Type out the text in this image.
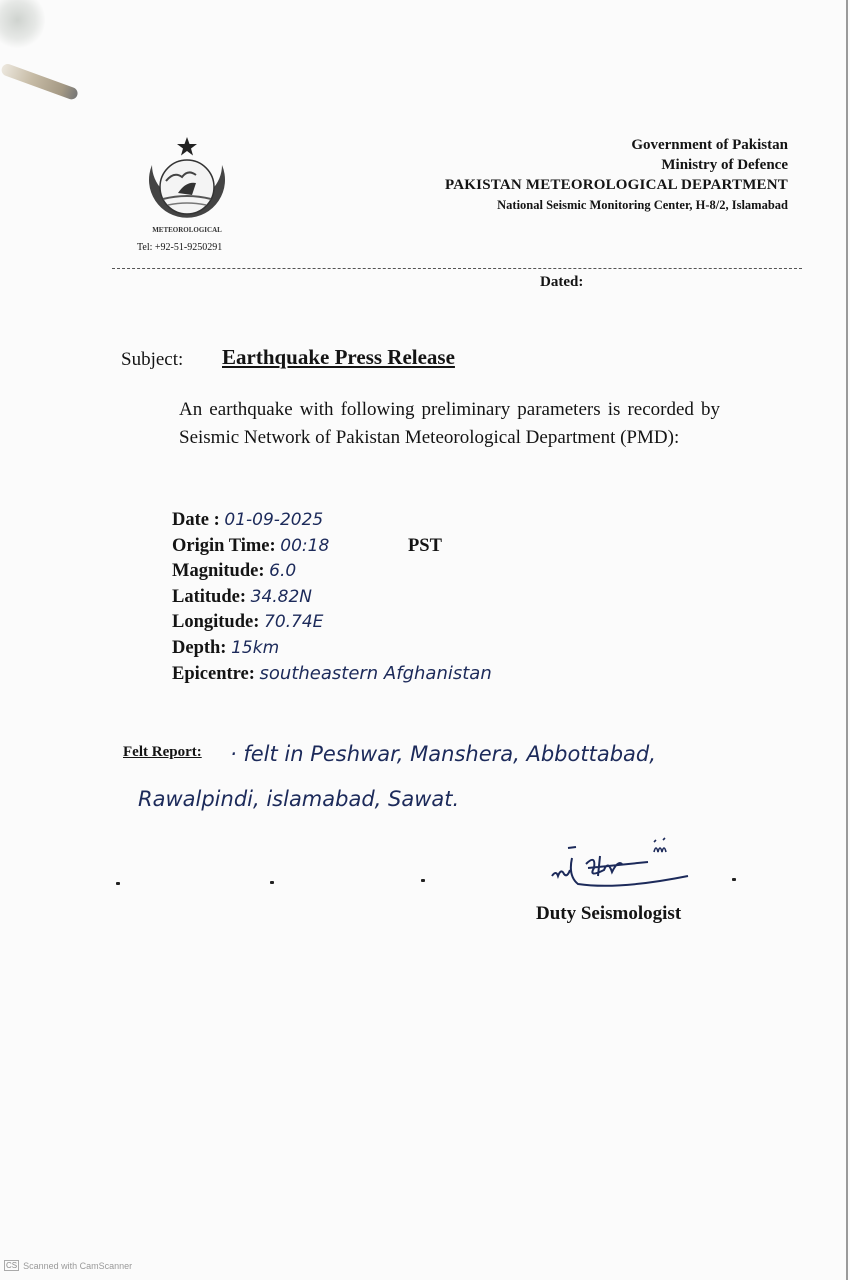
METEOROLOGICAL
Tel: +92-51-9250291
Government of Pakistan
Ministry of Defence
PAKISTAN METEOROLOGICAL DEPARTMENT
National Seismic Monitoring Center, H-8/2, Islamabad
Dated:
Subject: Earthquake Press Release
An earthquake with following preliminary parameters is recorded by Seismic Network of Pakistan Meteorological Department (PMD):
Date : 01-09-2025
Origin Time: 00:18	PST
Magnitude: 6.0
Latitude: 34.82N
Longitude: 70.74E
Depth: 15km
Epicentre: southeastern Afghanistan
Felt Report: · felt in Peshwar, Manshera, Abbottabad,
Rawalpindi, islamabad, Sawat.
Duty Seismologist
CS Scanned with CamScanner
